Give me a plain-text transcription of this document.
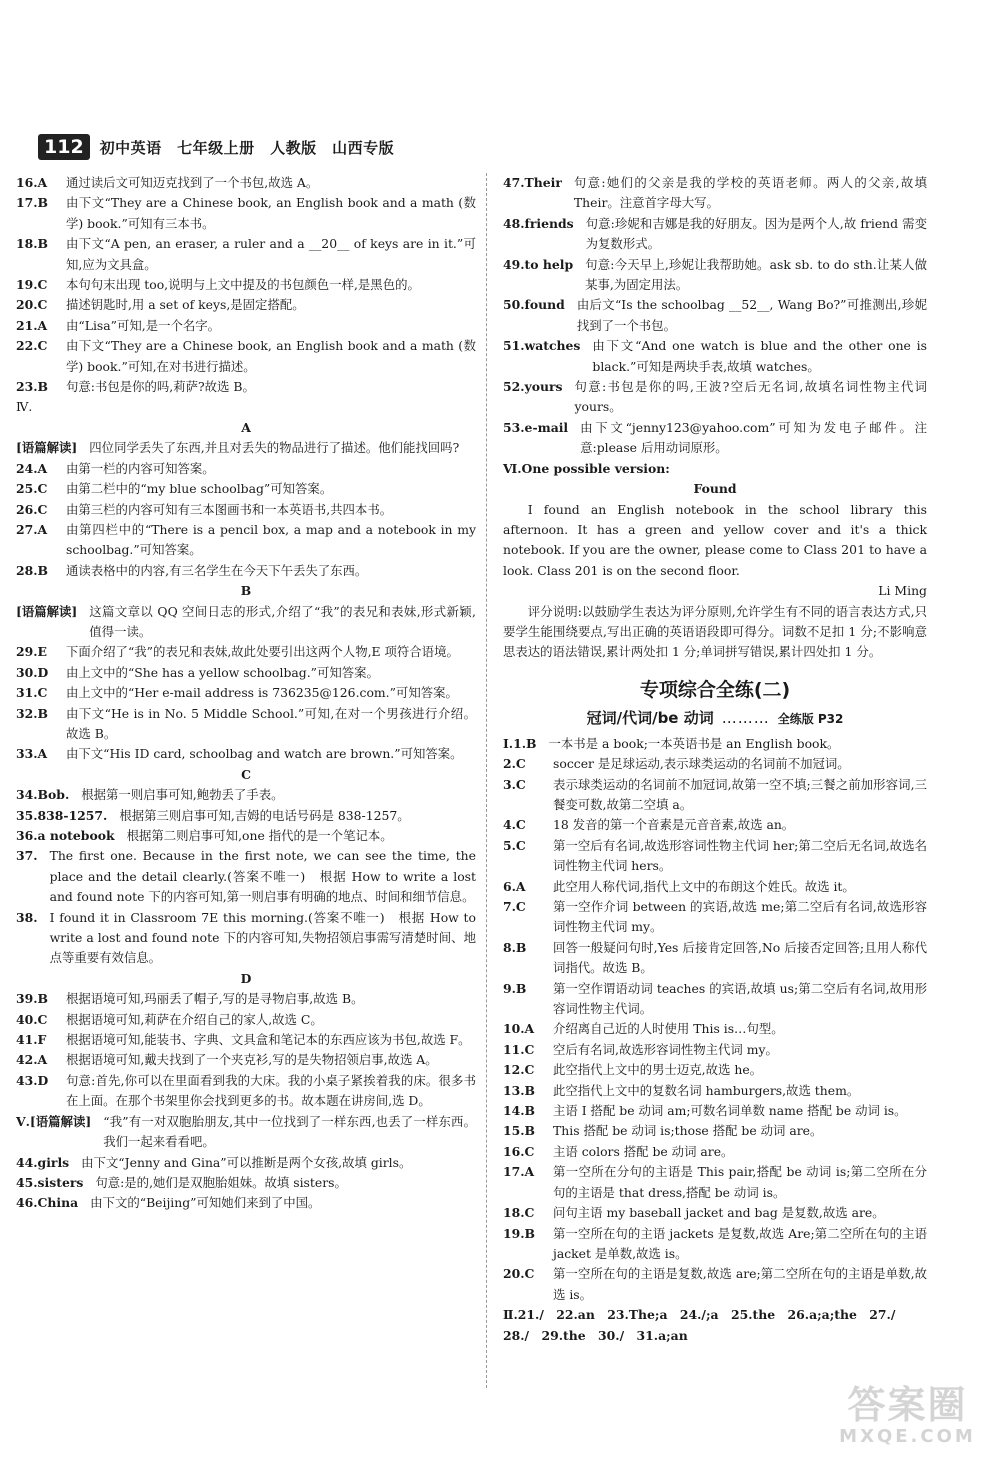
112	初中英语　七年级上册　人教版　山西专版
16.A	通过读后文可知迈克找到了一个书包,故选 A。
17.B	由下文“They are a Chinese book, an English book and a math (数学) book.”可知有三本书。
18.B	由下文“A pen, an eraser, a ruler and a __20__ of keys are in it.”可知,应为文具盒。
19.C	本句句末出现 too,说明与上文中提及的书包颜色一样,是黑色的。
20.C	描述钥匙时,用 a set of keys,是固定搭配。
21.A	由“Lisa”可知,是一个名字。
22.C	由下文“They are a Chinese book, an English book and a math (数学) book.”可知,在对书进行描述。
23.B	句意:书包是你的吗,莉萨?故选 B。
Ⅳ.
A
[语篇解读] 四位同学丢失了东西,并且对丢失的物品进行了描述。他们能找回吗?
24.A	由第一栏的内容可知答案。
25.C	由第二栏中的“my blue schoolbag”可知答案。
26.C	由第三栏的内容可知有三本图画书和一本英语书,共四本书。
27.A	由第四栏中的“There is a pencil box, a map and a notebook in my schoolbag.”可知答案。
28.B	通读表格中的内容,有三名学生在今天下午丢失了东西。
B
[语篇解读] 这篇文章以 QQ 空间日志的形式,介绍了“我”的表兄和表妹,形式新颖,值得一读。
29.E	下面介绍了“我”的表兄和表妹,故此处要引出这两个人物,E 项符合语境。
30.D	由上文中的“She has a yellow schoolbag.”可知答案。
31.C	由上文中的“Her e-mail address is 736235@126.com.”可知答案。
32.B	由下文“He is in No. 5 Middle School.”可知,在对一个男孩进行介绍。故选 B。
33.A	由下文“His ID card, schoolbag and watch are brown.”可知答案。
C
34.Bob. 根据第一则启事可知,鲍勃丢了手表。
35.838-1257. 根据第三则启事可知,吉姆的电话号码是 838-1257。
36.a notebook 根据第二则启事可知,one 指代的是一个笔记本。
37. The first one. Because in the first note, we can see the time, the place and the detail clearly.(答案不唯一)　根据 How to write a lost and found note 下的内容可知,第一则启事有明确的地点、时间和细节信息。
38. I found it in Classroom 7E this morning.(答案不唯一)　根据 How to write a lost and found note 下的内容可知,失物招领启事需写清楚时间、地点等重要有效信息。
D
39.B	根据语境可知,玛丽丢了帽子,写的是寻物启事,故选 B。
40.C	根据语境可知,莉萨在介绍自己的家人,故选 C。
41.F	根据语境可知,能装书、字典、文具盒和笔记本的东西应该为书包,故选 F。
42.A	根据语境可知,戴夫找到了一个夹克衫,写的是失物招领启事,故选 A。
43.D	句意:首先,你可以在里面看到我的大床。我的小桌子紧挨着我的床。很多书在上面。在那个书架里你会找到更多的书。故本题在讲房间,选 D。
Ⅴ.[语篇解读] “我”有一对双胞胎朋友,其中一位找到了一样东西,也丢了一样东西。我们一起来看看吧。
44.girls 由下文“Jenny and Gina”可以推断是两个女孩,故填 girls。
45.sisters 句意:是的,她们是双胞胎姐妹。故填 sisters。
46.China 由下文的“Beijing”可知她们来到了中国。
47.Their 句意:她们的父亲是我的学校的英语老师。两人的父亲,故填 Their。注意首字母大写。
48.friends 句意:珍妮和吉娜是我的好朋友。因为是两个人,故 friend 需变为复数形式。
49.to help 句意:今天早上,珍妮让我帮助她。ask sb. to do sth.让某人做某事,为固定用法。
50.found 由后文“Is the schoolbag __52__, Wang Bo?”可推测出,珍妮找到了一个书包。
51.watches 由下文“And one watch is blue and the other one is black.”可知是两块手表,故填 watches。
52.yours 句意:书包是你的吗,王波?空后无名词,故填名词性物主代词 yours。
53.e-mail 由下文“jenny123@yahoo.com”可知为发电子邮件。注意:please 后用动词原形。
Ⅵ.One possible version:
Found
I found an English notebook in the school library this afternoon. It has a green and yellow cover and it's a thick notebook. If you are the owner, please come to Class 201 to have a look. Class 201 is on the second floor.
Li Ming
评分说明:以鼓励学生表达为评分原则,允许学生有不同的语言表达方式,只要学生能围绕要点,写出正确的英语语段即可得分。词数不足扣 1 分;不影响意思表达的语法错误,累计两处扣 1 分;单词拼写错误,累计四处扣 1 分。
专项综合全练(二)
冠词/代词/be 动词 ……… 全练版 P32
Ⅰ.1.B 一本书是 a book;一本英语书是 an English book。
2.C	soccer 是足球运动,表示球类运动的名词前不加冠词。
3.C	表示球类运动的名词前不加冠词,故第一空不填;三餐之前加形容词,三餐变可数,故第二空填 a。
4.C	18 发音的第一个音素是元音音素,故选 an。
5.C	第一空后有名词,故选形容词性物主代词 her;第二空后无名词,故选名词性物主代词 hers。
6.A	此空用人称代词,指代上文中的布朗这个姓氏。故选 it。
7.C	第一空作介词 between 的宾语,故选 me;第二空后有名词,故选形容词性物主代词 my。
8.B	回答一般疑问句时,Yes 后接肯定回答,No 后接否定回答;且用人称代词指代。故选 B。
9.B	第一空作谓语动词 teaches 的宾语,故填 us;第二空后有名词,故用形容词性物主代词。
10.A	介绍离自己近的人时使用 This is…句型。
11.C	空后有名词,故选形容词性物主代词 my。
12.C	此空指代上文中的男士迈克,故选 he。
13.B	此空指代上文中的复数名词 hamburgers,故选 them。
14.B	主语 I 搭配 be 动词 am;可数名词单数 name 搭配 be 动词 is。
15.B	This 搭配 be 动词 is;those 搭配 be 动词 are。
16.C	主语 colors 搭配 be 动词 are。
17.A	第一空所在分句的主语是 This pair,搭配 be 动词 is;第二空所在分句的主语是 that dress,搭配 be 动词 is。
18.C	问句主语 my baseball jacket and bag 是复数,故选 are。
19.B	第一空所在句的主语 jackets 是复数,故选 Are;第二空所在句的主语 jacket 是单数,故选 is。
20.C	第一空所在句的主语是复数,故选 are;第二空所在句的主语是单数,故选 is。
Ⅱ.21./　22.an　23.The;a　24./;a　25.the　26.a;a;the　27./
28./　29.the　30./　31.a;an
答案圈
MXQE.COM
